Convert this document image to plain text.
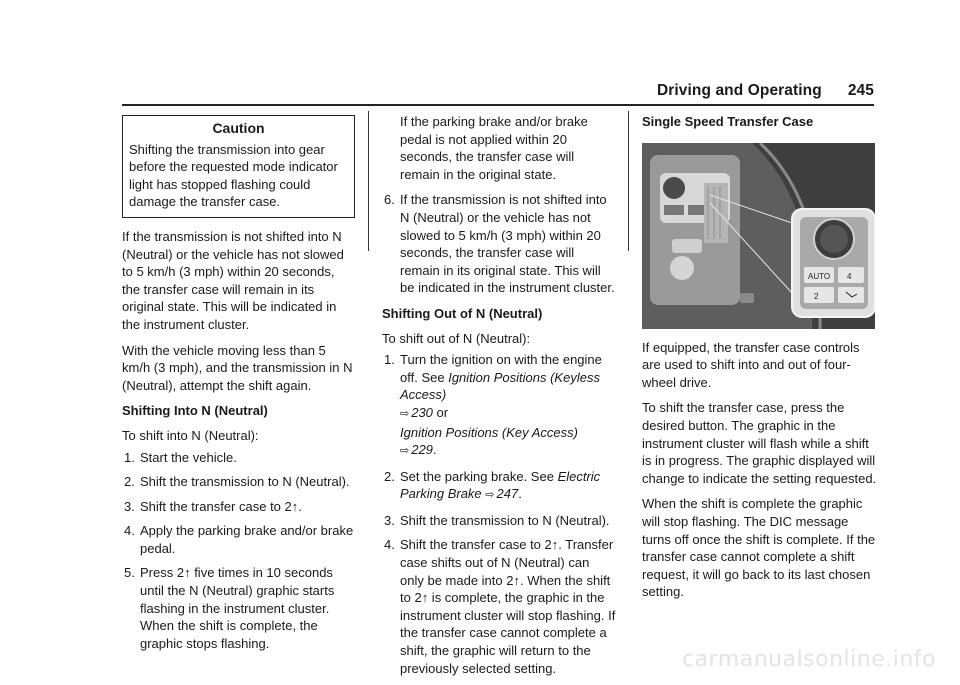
Driving and Operating 245
Caution
Shifting the transmission into gear before the requested mode indicator light has stopped flashing could damage the transfer case.

If the transmission is not shifted into N (Neutral) or the vehicle has not slowed to 5 km/h (3 mph) within 20 seconds, the transfer case will remain in its original state. This will be indicated in the instrument cluster.

With the vehicle moving less than 5 km/h (3 mph), and the transmission in N (Neutral), attempt the shift again.

Shifting Into N (Neutral)

To shift into N (Neutral):

1. Start the vehicle.
2. Shift the transmission to N (Neutral).
3. Shift the transfer case to 2↑.
4. Apply the parking brake and/or brake pedal.
5. Press 2↑ five times in 10 seconds until the N (Neutral) graphic starts flashing in the instrument cluster. When the shift is complete, the graphic stops flashing.

If the parking brake and/or brake pedal is not applied within 20 seconds, the transfer case will remain in the original state.

6. If the transmission is not shifted into N (Neutral) or the vehicle has not slowed to 5 km/h (3 mph) within 20 seconds, the transfer case will remain in its original state. This will be indicated in the instrument cluster.
Shifting Out of N (Neutral)

To shift out of N (Neutral):

1. Turn the ignition on with the engine off. See Ignition Positions (Keyless Access)
⇨ 230 or
Ignition Positions (Key Access) ⇨ 229.
2. Set the parking brake. See Electric Parking Brake ⇨ 247.
3. Shift the transmission to N (Neutral).
4. Shift the transfer case to 2↑. Transfer case shifts out of N (Neutral) can only be made into 2↑. When the shift to 2↑ is complete, the graphic in the instrument cluster will stop flashing. If the transfer case cannot complete a shift, the graphic will return to the previously selected setting.
Single Speed Transfer Case
AUTO 4
2

If equipped, the transfer case controls are used to shift into and out of four-wheel drive.

To shift the transfer case, press the desired button. The graphic in the instrument cluster will flash while a shift is in progress. The graphic displayed will change to indicate the setting requested.

When the shift is complete the graphic will stop flashing. The DIC message turns off once the shift is complete. If the transfer case cannot complete a shift request, it will go back to its last chosen setting.

carmanualsonline.info
